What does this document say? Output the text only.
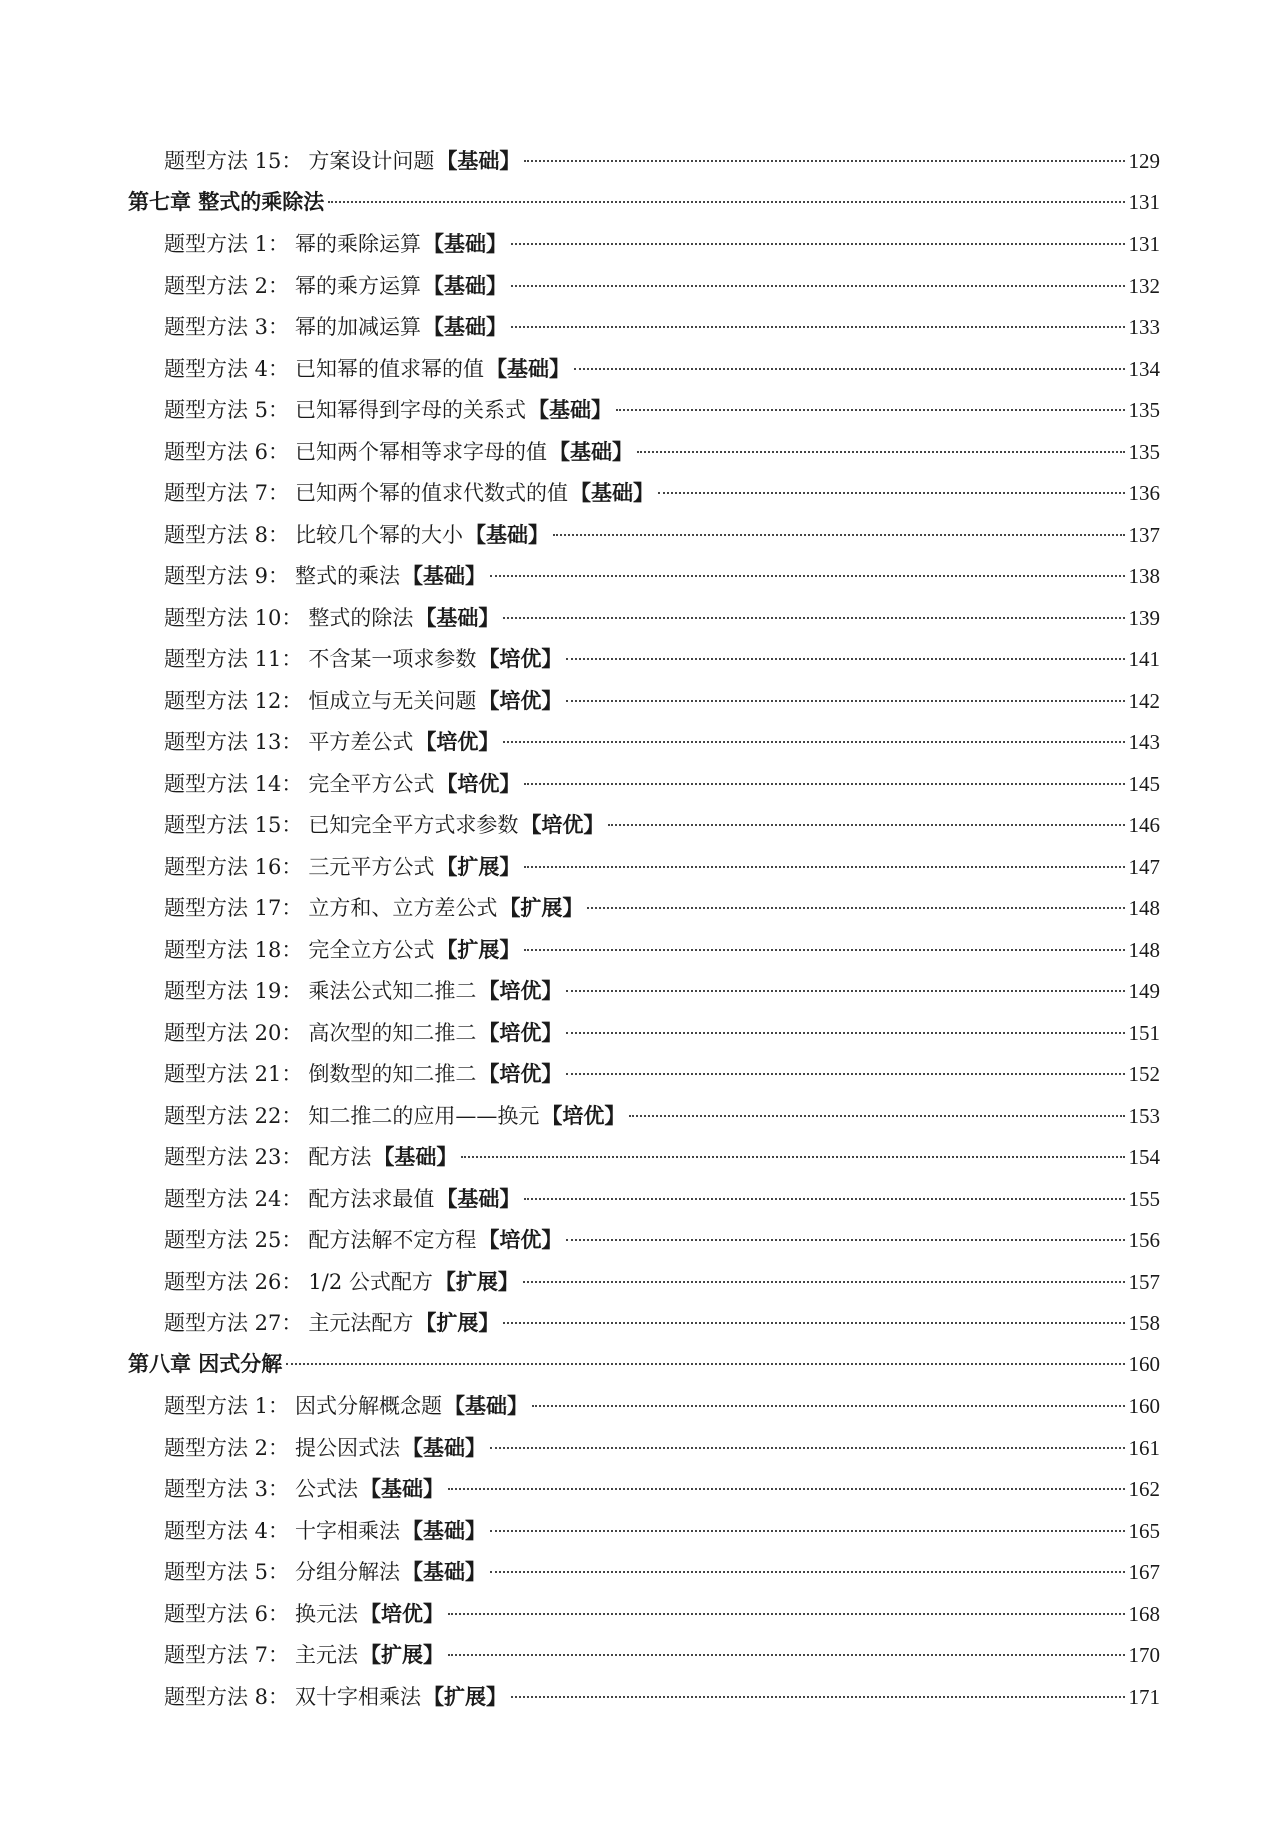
题型方法 15 ： 方案设计问题 【基础】	129
第七章 整式的乘除法	131
题型方法 1 ： 幂的乘除运算 【基础】	131
题型方法 2 ： 幂的乘方运算 【基础】	132
题型方法 3 ： 幂的加减运算 【基础】	133
题型方法 4 ： 已知幂的值求幂的值 【基础】	134
题型方法 5 ： 已知幂得到字母的关系式 【基础】	135
题型方法 6 ： 已知两个幂相等求字母的值 【基础】	135
题型方法 7 ： 已知两个幂的值求代数式的值 【基础】	136
题型方法 8 ： 比较几个幂的大小 【基础】	137
题型方法 9 ： 整式的乘法 【基础】	138
题型方法 10 ： 整式的除法 【基础】	139
题型方法 11 ： 不含某一项求参数 【培优】	141
题型方法 12 ： 恒成立与无关问题 【培优】	142
题型方法 13 ： 平方差公式 【培优】	143
题型方法 14 ： 完全平方公式 【培优】	145
题型方法 15 ： 已知完全平方式求参数 【培优】	146
题型方法 16 ： 三元平方公式 【扩展】	147
题型方法 17 ： 立方和、立方差公式 【扩展】	148
题型方法 18 ： 完全立方公式 【扩展】	148
题型方法 19 ： 乘法公式知二推二 【培优】	149
题型方法 20 ： 高次型的知二推二 【培优】	151
题型方法 21 ： 倒数型的知二推二 【培优】	152
题型方法 22 ： 知二推二的应用——换元 【培优】	153
题型方法 23 ： 配方法 【基础】	154
题型方法 24 ： 配方法求最值 【基础】	155
题型方法 25 ： 配方法解不定方程 【培优】	156
题型方法 26 ： 1/2 公式配方 【扩展】	157
题型方法 27 ： 主元法配方 【扩展】	158
第八章 因式分解	160
题型方法 1 ： 因式分解概念题 【基础】	160
题型方法 2 ： 提公因式法 【基础】	161
题型方法 3 ： 公式法 【基础】	162
题型方法 4 ： 十字相乘法 【基础】	165
题型方法 5 ： 分组分解法 【基础】	167
题型方法 6 ： 换元法 【培优】	168
题型方法 7 ： 主元法 【扩展】	170
题型方法 8 ： 双十字相乘法 【扩展】	171
